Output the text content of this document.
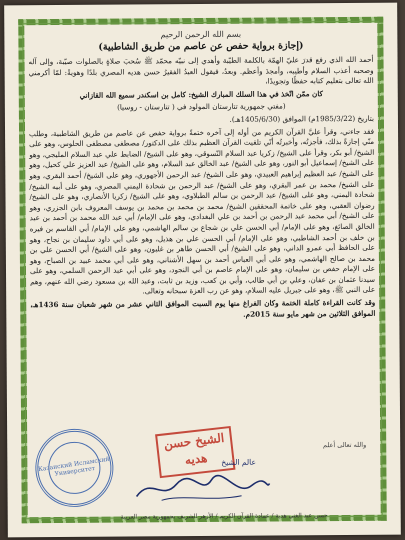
بسم الله الرحمن الرحيم
(إجازة برواية حفص عن عاصم من طريق الشاطبية)

أحمد الله الذي رفع قدرَ عليّ الهمّة بالكلمة الطيّبة وأهدي إلى نبيّه محمّد ﷺ سُحبَ صلاةٍ بالصلوات صيّبة، وإلى آله وصحبه أعذب السلام وأطيبه، وأمجدَ وأعظم. وبعدُ، فيقول العبدُ الفقيرُ حسن هديه المصري بلدًا وهويةً: لمّا أكرمني الله تعالى بتعليم كتابه حفظًا وتجويدًا،

كان ممّن اتّخذ في هذا السلك المبارك الشيخ: كامل بن اسكندر سميع الله القازاني

(مفتي جمهورية تتارستان المولود في ( تتارستان - روسيا)

بتاريخ (1985/3/22م) الموافق (1405/6/30هـ).

فقد جاءني، وقرأ عليَّ القرآن الكريم من أوله إلى آخره ختمةً برواية حفص عن عاصم من طريق الشاطبية، وطلب منّي إجازةً بذلك، فأجزتُه، وأخبرتُه أنّي تلقيت القرآن العظيم بذلك على الدكتور/ مصطفى مصطفى الحلوس، وهو على الشيخ/ أبو بكر، وقرأ على الشيخ/ زكريا عبد السلام النّسوقي، وهو على الشيخ/ الضابط علي عبد السلام المليجي، وهو على الشيخ/ إسماعيل أبو النور، وهو على الشيخ/ عبد الخالق عبد السلام، وهو على الشيخ/ عبد العزيز علي كحيل، وهو على الشيخ/ عبد العظيم إبراهيم العبيدي، وهو على الشيخ/ عبد الرحمن الأجهوري، وهو على الشيخ/ أحمد البقري، وهو على الشيخ/ محمد بن عمر البقري، وهو على الشيخ/ عبد الرحمن بن شحادة اليمني المصري، وهو على أبيه الشيخ/ شحادة اليمني، وهو على الشيخ/ عبد الرحمن بن سالم الطبلاوي، وهو على الشيخ/ زكريا الأنصاري، وهو على الشيخ/ رضوان العقبي، وهو على خاتمة المحققين الشيخ/ محمد بن محمد بن محمد بن يوسف المعروف بابن الجزري، وهو على الشيخ/ أبي محمد عبد الرحمن بن أحمد بن علي البغدادي، وهو على الإمام/ أبي عبد الله محمد بن أحمد بن عبد الخالق الصائغ، وهو على الإمام/ أبي الحسن علي بن شجاع بن سالم الهاشمي، وهو على الإمام/ أبي القاسم بن فيره بن خلف بن أحمد الشاطبي، وهو على الإمام/ أبي الحسن علي بن هذيل، وهو على أبي داود سليمان بن نجاح، وهو على الحافظ أبي عمرو الداني، وهو على الشيخ/ أبي الحسن طاهر بن غلبون، وهو على الشيخ/ أبي الحسن علي بن محمد بن صالح الهاشمي، وهو على أبي العباس أحمد بن سهل الأشناني، وهو على أبي محمد عبيد بن الصباح، وهو على الإمام حفص بن سليمان، وهو على الإمام عاصم بن أبي النجود، وهو على أبي عبد الرحمن السلمي، وهو على سيدنا عثمان بن عفان، وعلي بن أبي طالب، وأبي بن كعب، وزيد بن ثابت، وعبد الله بن مسعود رضي الله عنهم، وهم على النبي ﷺ، وهو على جبريل عليه السلام، وهو عن رب العزة سبحانه وتعالى.

وقد كانت القراءة كاملة الختمة وكان الفراغ منها يوم السبت الموافق الثاني عشر من شهر شعبان سنة 1436هـ، الموافق الثلاثين من شهر مايو سنة 2015م.

Казанский Исламский Университет
الشيخ حسن هديه
والله تعالى أعلم
عالم الشيخ
حسن عبد الغني هدية / عمادة القرآن الكريم / الأزهر الشريف بجمهورية مصر العربية
